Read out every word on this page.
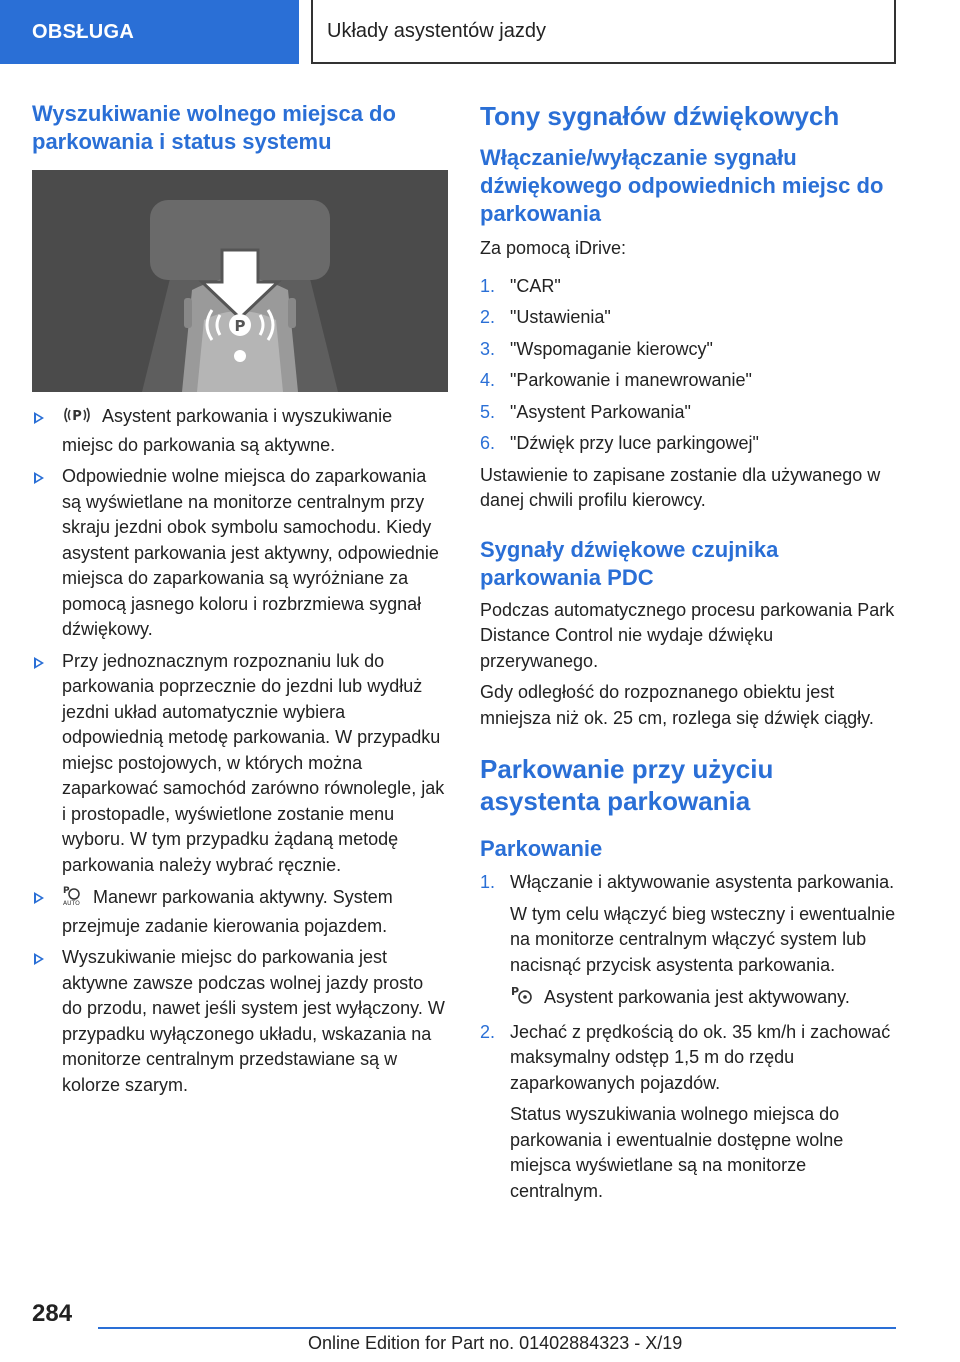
OBSŁUGA	Układy asystentów jazdy
Wyszukiwanie wolnego miejsca do parkowania i status systemu
P
P Asystent parkowania i wyszukiwanie miejsc do parkowania są aktywne.
Odpowiednie wolne miejsca do zaparkowania są wyświetlane na monitorze centralnym przy skraju jezdni obok symbolu samochodu. Kiedy asystent parkowania jest aktywny, odpowiednie miejsca do zaparkowania są wyróżniane za pomocą jasnego koloru i rozbrzmiewa sygnał dźwiękowy.
Przy jednoznacznym rozpoznaniu luk do parkowania poprzecznie do jezdni lub wydłuż jezdni układ automatycznie wybiera odpowiednią metodę parkowania. W przypadku miejsc postojowych, w których można zaparkować samochód zarówno równolegle, jak i prostopadle, wyświetlone zostanie menu wyboru. W tym przypadku żądaną metodę parkowania należy wybrać ręcznie.
P
AUTO Manewr parkowania aktywny. System przejmuje zadanie kierowania pojazdem.
Wyszukiwanie miejsc do parkowania jest aktywne zawsze podczas wolnej jazdy prosto do przodu, nawet jeśli system jest wyłączony. W przypadku wyłączonego układu, wskazania na monitorze centralnym przedstawiane są w kolorze szarym.
Tony sygnałów dźwiękowych
Włączanie/wyłączanie sygnału dźwiękowego odpowiednich miejsc do parkowania

Za pomocą iDrive:

1. "CAR"
2. "Ustawienia"
3. "Wspomaganie kierowcy"
4. "Parkowanie i manewrowanie"
5. "Asystent Parkowania"
6. "Dźwięk przy luce parkingowej"

Ustawienie to zapisane zostanie dla używanego w danej chwili profilu kierowcy.

Sygnały dźwiękowe czujnika parkowania PDC

Podczas automatycznego procesu parkowania Park Distance Control nie wydaje dźwięku przerywanego.

Gdy odległość do rozpoznanego obiektu jest mniejsza niż ok. 25 cm, rozlega się dźwięk ciągły.

Parkowanie przy użyciu asystenta parkowania
Parkowanie
1. Włączanie i aktywowanie asystenta parkowania.
W tym celu włączyć bieg wsteczny i ewentualnie na monitorze centralnym włączyć system lub nacisnąć przycisk asystenta parkowania.
P Asystent parkowania jest aktywowany.
2. Jechać z prędkością do ok. 35 km/h i zachować maksymalny odstęp 1,5 m do rzędu zaparkowanych pojazdów.
Status wyszukiwania wolnego miejsca do parkowania i ewentualnie dostępne wolne miejsca wyświetlane są na monitorze centralnym.
284
Online Edition for Part no. 01402884323 - X/19
